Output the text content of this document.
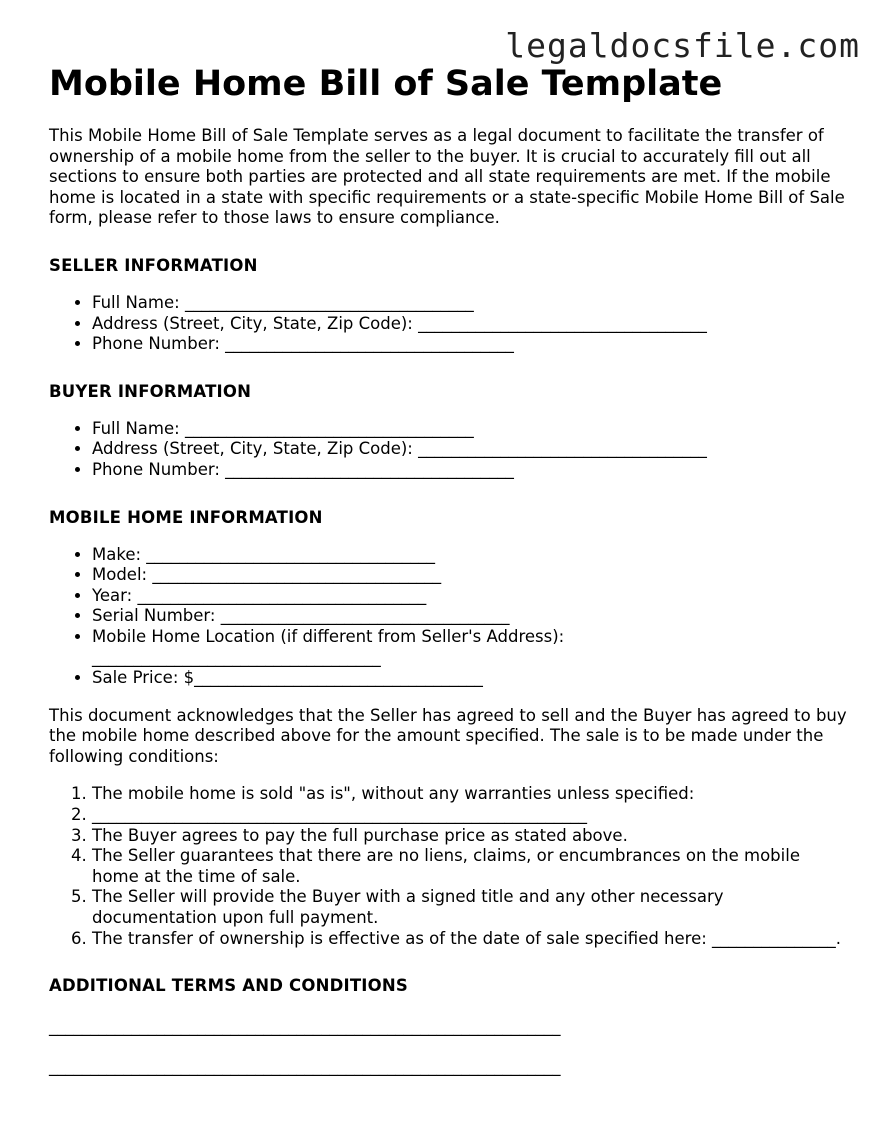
legaldocsfile.com
Mobile Home Bill of Sale Template

This Mobile Home Bill of Sale Template serves as a legal document to facilitate the transfer of ownership of a mobile home from the seller to the buyer. It is crucial to accurately fill out all sections to ensure both parties are protected and all state requirements are met. If the mobile home is located in a state with specific requirements or a state-specific Mobile Home Bill of Sale form, please refer to those laws to ensure compliance.

SELLER INFORMATION
• Full Name: ___________________________________
• Address (Street, City, State, Zip Code): ___________________________________
• Phone Number: ___________________________________
BUYER INFORMATION
• Full Name: ___________________________________
• Address (Street, City, State, Zip Code): ___________________________________
• Phone Number: ___________________________________
MOBILE HOME INFORMATION
• Make: ___________________________________
• Model: ___________________________________
• Year: ___________________________________
• Serial Number: ___________________________________
• Mobile Home Location (if different from Seller's Address): ___________________________________
• Sale Price: $___________________________________

This document acknowledges that the Seller has agreed to sell and the Buyer has agreed to buy the mobile home described above for the amount specified. The sale is to be made under the following conditions:

1. The mobile home is sold "as is", without any warranties unless specified:
2. ____________________________________________________________
3. The Buyer agrees to pay the full purchase price as stated above.
4. The Seller guarantees that there are no liens, claims, or encumbrances on the mobile home at the time of sale.
5. The Seller will provide the Buyer with a signed title and any other necessary documentation upon full payment.
6. The transfer of ownership is effective as of the date of sale specified here: _______________.
ADDITIONAL TERMS AND CONDITIONS
______________________________________________________________
______________________________________________________________
